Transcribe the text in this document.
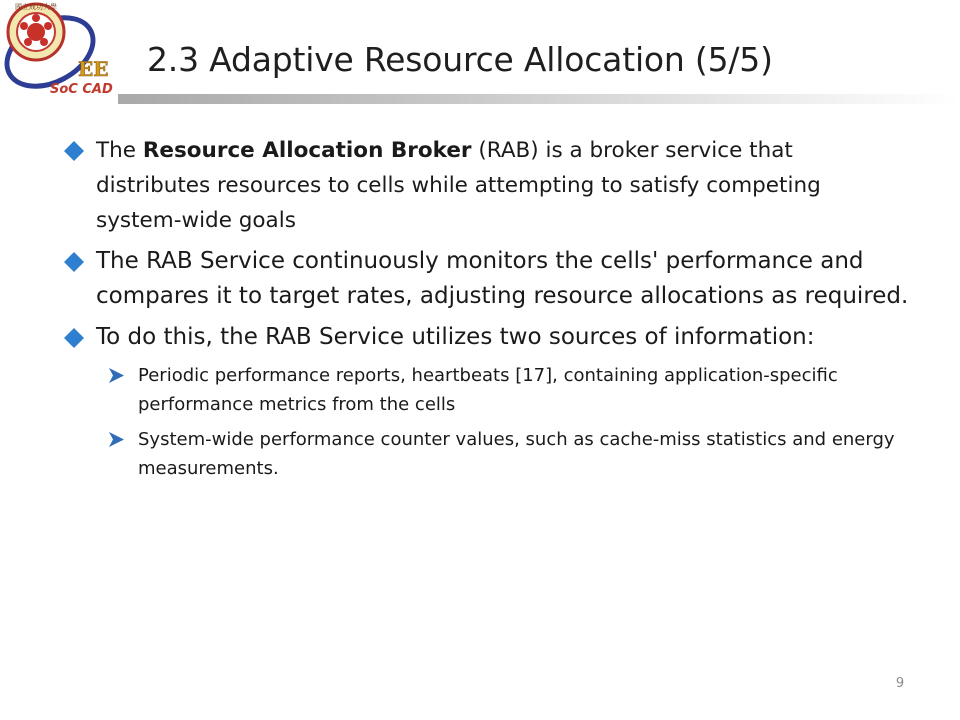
國立成功大學
EE
SoC CAD
2.3 Adaptive Resource Allocation (5/5)
The Resource Allocation Broker (RAB) is a broker service that distributes resources to cells while attempting to satisfy competing system-wide goals
The RAB Service continuously monitors the cells' performance and compares it to target rates, adjusting resource allocations as required.
To do this, the RAB Service utilizes two sources of information:
Periodic performance reports, heartbeats [17], containing application-specific performance metrics from the cells
System-wide performance counter values, such as cache-miss statistics and energy measurements.
9
